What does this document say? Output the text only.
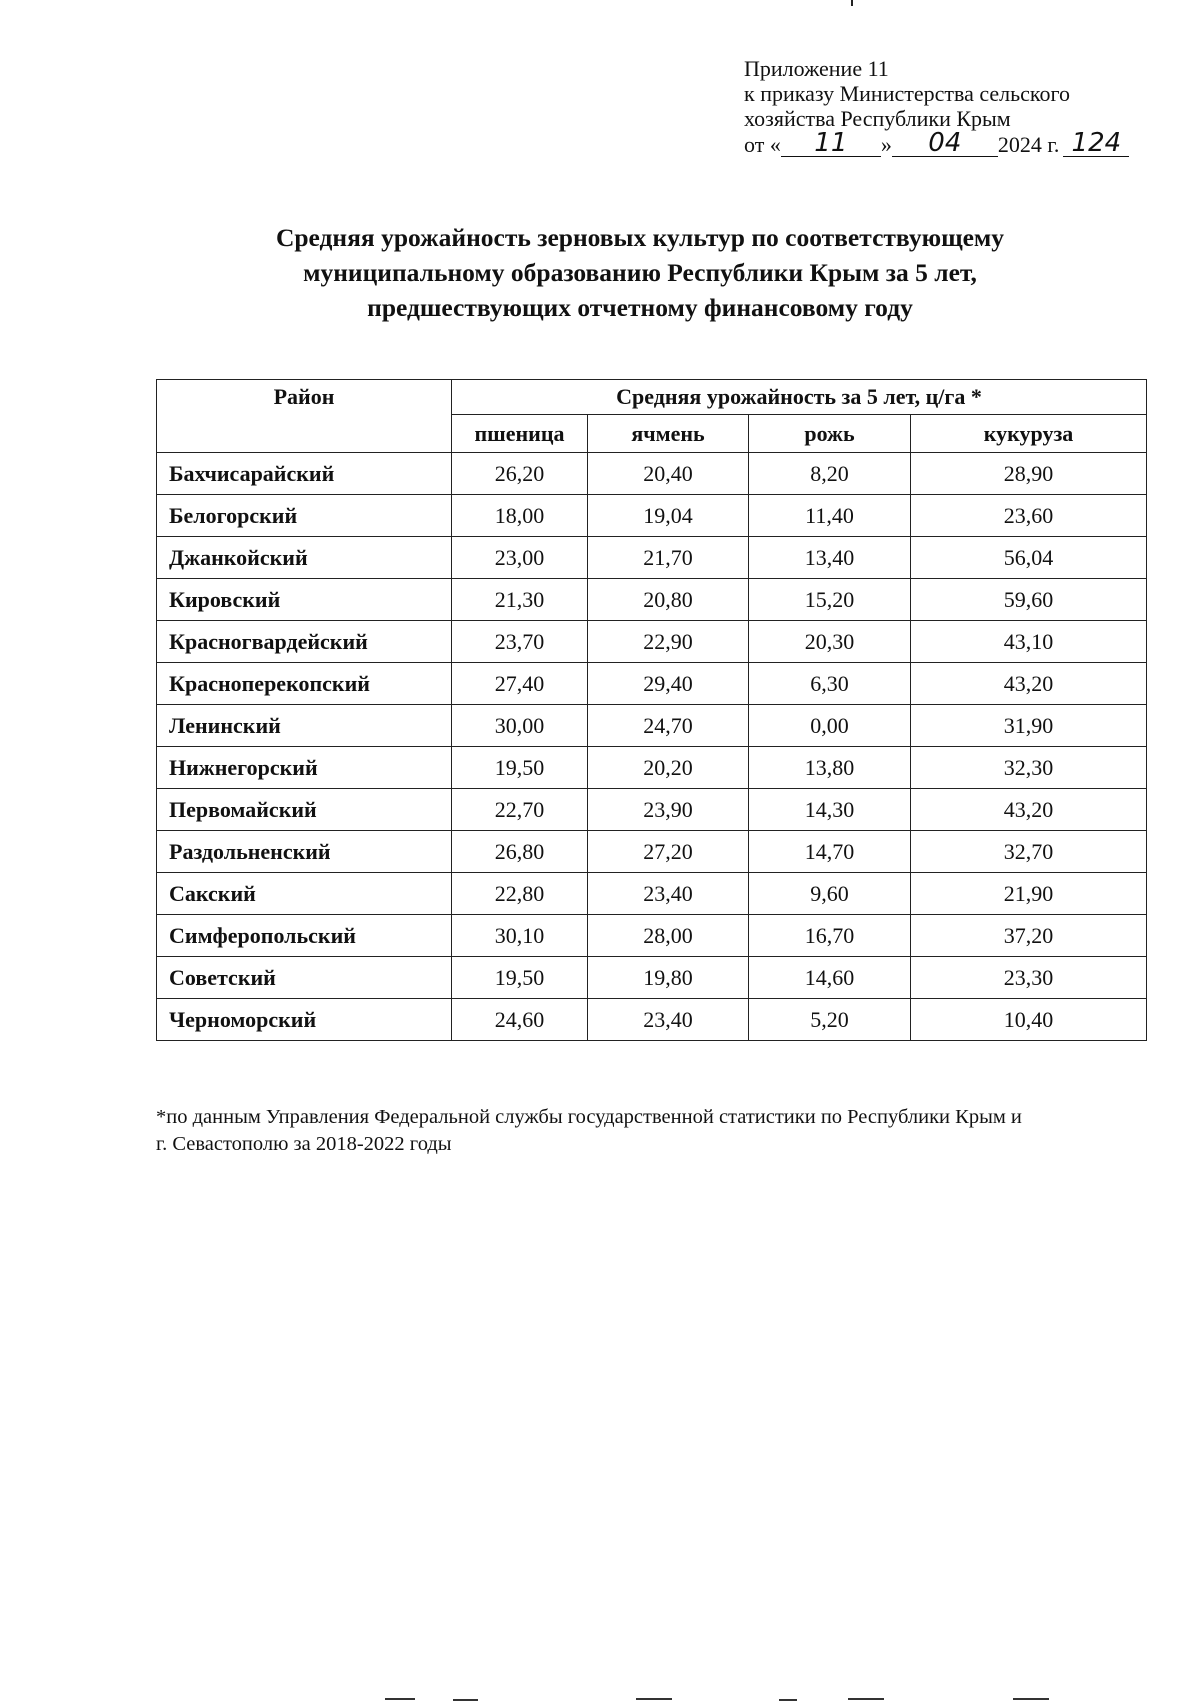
Приложение 11
к приказу Министерства сельского
хозяйства Республики Крым
от « 11 » 04 2024 г. 124
Средняя урожайность зерновых культур по соответствующему
муниципальному образованию Республики Крым за 5 лет,
предшествующих отчетному финансовому году
Район	Средняя урожайность за 5 лет, ц/га *			
	пшеница	ячмень	рожь	кукуруза
Бахчисарайский	26,20	20,40	8,20	28,90
Белогорский	18,00	19,04	11,40	23,60
Джанкойский	23,00	21,70	13,40	56,04
Кировский	21,30	20,80	15,20	59,60
Красногвардейский	23,70	22,90	20,30	43,10
Красноперекопский	27,40	29,40	6,30	43,20
Ленинский	30,00	24,70	0,00	31,90
Нижнегорский	19,50	20,20	13,80	32,30
Первомайский	22,70	23,90	14,30	43,20
Раздольненский	26,80	27,20	14,70	32,70
Сакский	22,80	23,40	9,60	21,90
Симферопольский	30,10	28,00	16,70	37,20
Советский	19,50	19,80	14,60	23,30
Черноморский	24,60	23,40	5,20	10,40
*по данным Управления Федеральной службы государственной статистики по Республики Крым и
г. Севастополю за 2018-2022 годы
